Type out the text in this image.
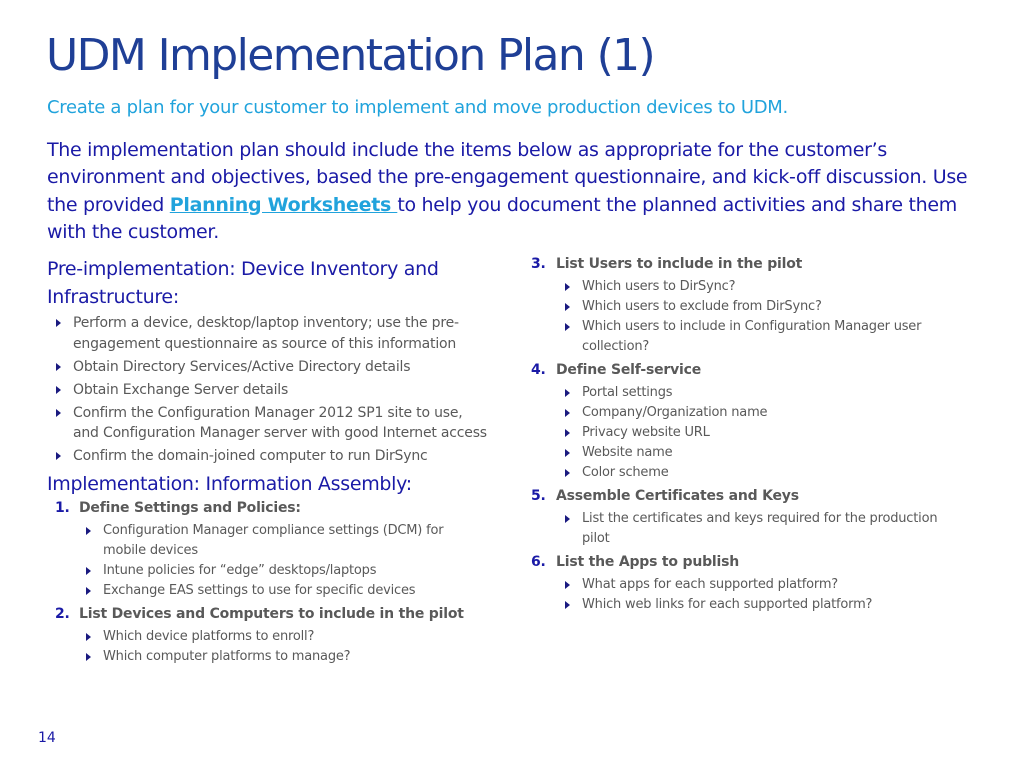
UDM Implementation Plan (1)
Create a plan for your customer to implement and move production devices to UDM.
The implementation plan should include the items below as appropriate for the customer’s environment and objectives, based the pre-engagement questionnaire, and kick-off discussion. Use the provided Planning Worksheets to help you document the planned activities and share them with the customer.
Pre-implementation: Device Inventory and Infrastructure:
Perform a device, desktop/laptop inventory; use the pre-engagement questionnaire as source of this information
Obtain Directory Services/Active Directory details
Obtain Exchange Server details
Confirm the Configuration Manager 2012 SP1 site to use, and Configuration Manager server with good Internet access
Confirm the domain-joined computer to run DirSync
Implementation: Information Assembly:
1. Define Settings and Policies:
Configuration Manager compliance settings (DCM) for mobile devices
Intune policies for “edge” desktops/laptops
Exchange EAS settings to use for specific devices
2. List Devices and Computers to include in the pilot
Which device platforms to enroll?
Which computer platforms to manage?
3. List Users to include in the pilot
Which users to DirSync?
Which users to exclude from DirSync?
Which users to include in Configuration Manager user collection?
4. Define Self-service
Portal settings
Company/Organization name
Privacy website URL
Website name
Color scheme
5. Assemble Certificates and Keys
List the certificates and keys required for the production pilot
6. List the Apps to publish
What apps for each supported platform?
Which web links for each supported platform?
14
